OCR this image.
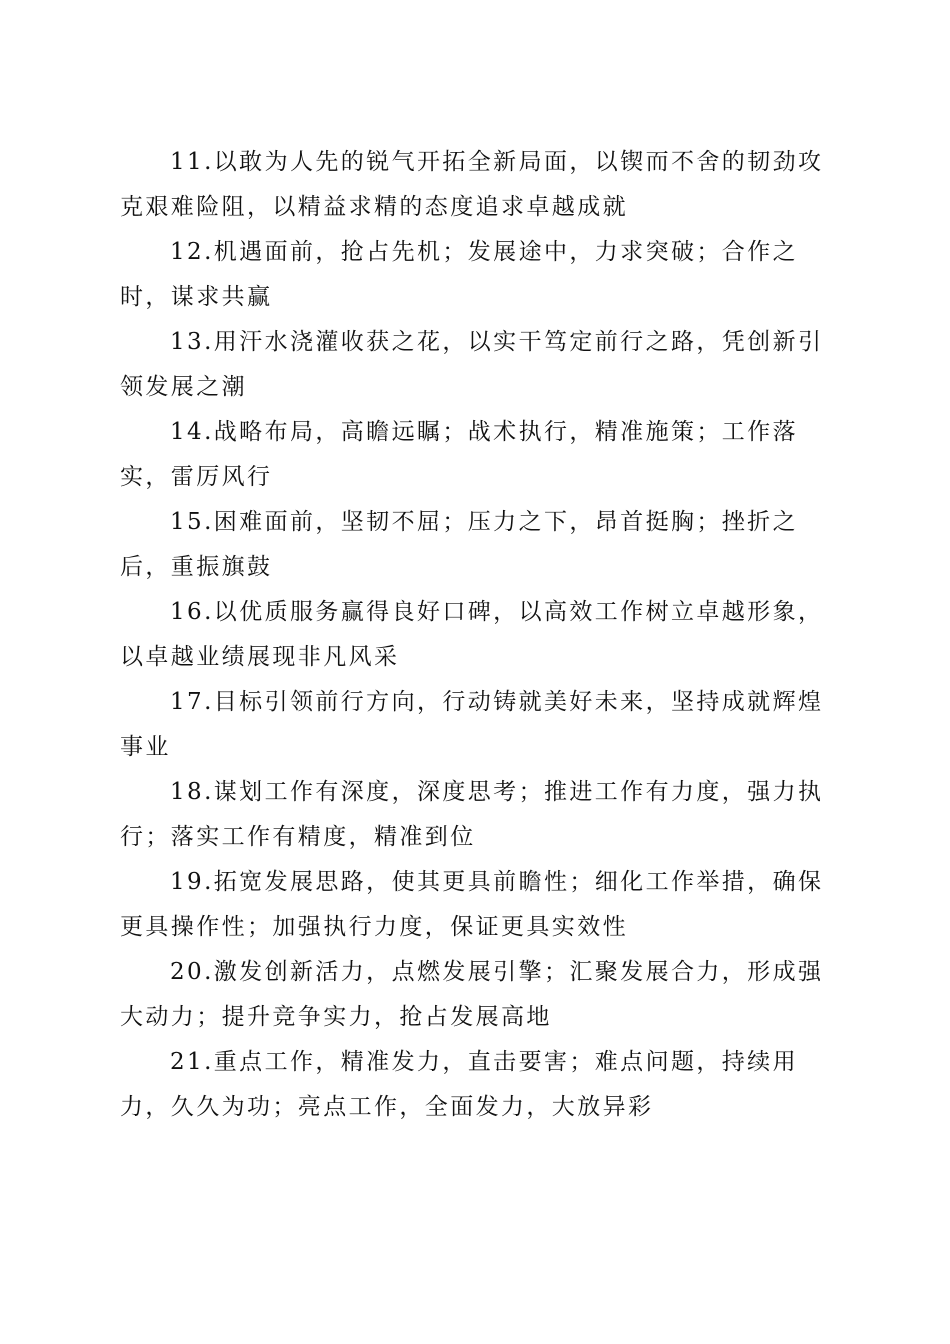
11.以敢为人先的锐气开拓全新局面，以锲而不舍的韧劲攻克艰难险阻，以精益求精的态度追求卓越成就

12.机遇面前，抢占先机；发展途中，力求突破；合作之时，谋求共赢

13.用汗水浇灌收获之花，以实干笃定前行之路，凭创新引领发展之潮

14.战略布局，高瞻远瞩；战术执行，精准施策；工作落实，雷厉风行

15.困难面前，坚韧不屈；压力之下，昂首挺胸；挫折之后，重振旗鼓

16.以优质服务赢得良好口碑，以高效工作树立卓越形象，以卓越业绩展现非凡风采

17.目标引领前行方向，行动铸就美好未来，坚持成就辉煌事业

18.谋划工作有深度，深度思考；推进工作有力度，强力执行；落实工作有精度，精准到位

19.拓宽发展思路，使其更具前瞻性；细化工作举措，确保更具操作性；加强执行力度，保证更具实效性

20.激发创新活力，点燃发展引擎；汇聚发展合力，形成强大动力；提升竞争实力，抢占发展高地

21.重点工作，精准发力，直击要害；难点问题，持续用力，久久为功；亮点工作，全面发力，大放异彩
